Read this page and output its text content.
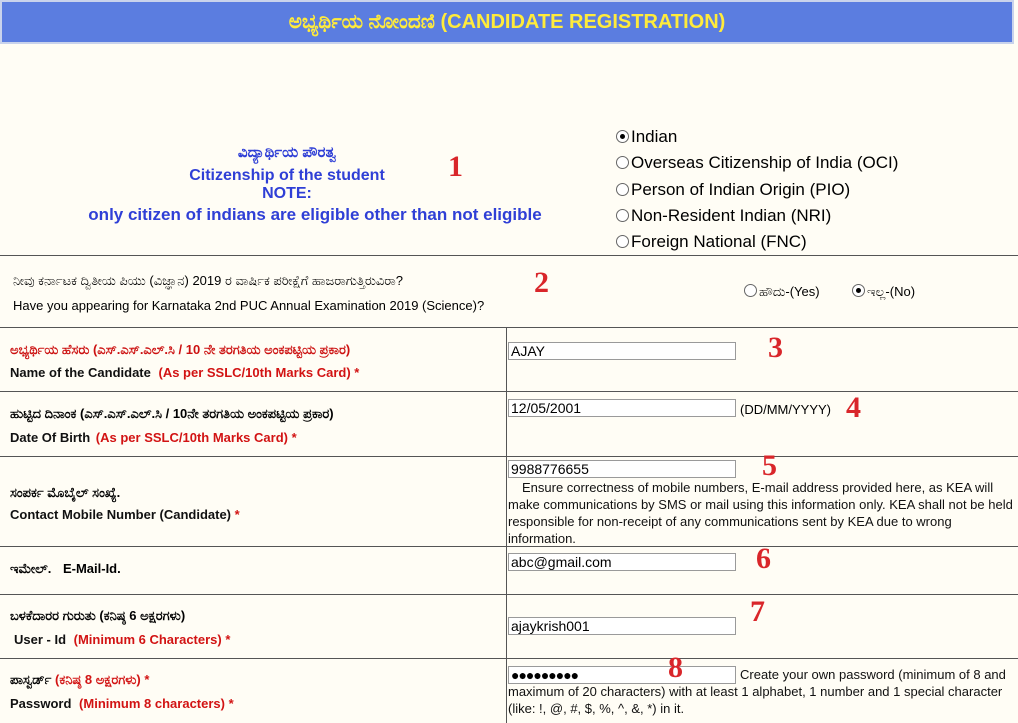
ಅಭ್ಯರ್ಥಿಯ ನೋಂದಣಿ (CANDIDATE REGISTRATION)
ವಿದ್ಯಾರ್ಥಿಯ ಪೌರತ್ವ
Citizenship of the student
NOTE:
only citizen of indians are eligible other than not eligible
1
Indian
Overseas Citizenship of India (OCI)
Person of Indian Origin (PIO)
Non-Resident Indian (NRI)
Foreign National (FNC)
ನೀವು ಕರ್ನಾಟಕ ದ್ವಿತೀಯ ಪಿಯು (ವಿಜ್ಞಾನ) 2019 ರ ವಾರ್ಷಿಕ ಪರೀಕ್ಷೆಗೆ ಹಾಜರಾಗುತ್ತಿರುವಿರಾ?
Have you appearing for Karnataka 2nd PUC Annual Examination 2019 (Science)?
2	ಹೌದು-(Yes)	ಇಲ್ಲ-(No)
ಅಭ್ಯರ್ಥಿಯ ಹೆಸರು (ಎಸ್.ಎಸ್.ಎಲ್.ಸಿ / 10 ನೇ ತರಗತಿಯ ಅಂಕಪಟ್ಟಿಯ ಪ್ರಕಾರ)
Name of the Candidate (As per SSLC/10th Marks Card) *
AJAY
3
ಹುಟ್ಟಿದ ದಿನಾಂಕ (ಎಸ್.ಎಸ್.ಎಲ್.ಸಿ / 10ನೇ ತರಗತಿಯ ಅಂಕಪಟ್ಟಿಯ ಪ್ರಕಾರ)
Date Of Birth (As per SSLC/10th Marks Card) *
12/05/2001
(DD/MM/YYYY) 4
ಸಂಪರ್ಕ ಮೊಬೈಲ್ ಸಂಖ್ಯೆ.
Contact Mobile Number (Candidate) *
9988776655
5
Ensure correctness of mobile numbers, E-mail address provided here, as KEA will make communications by SMS or mail using this information only. KEA shall not be held responsible for non-receipt of any communications sent by KEA due to wrong information.
ಇಮೇಲ್. E-Mail-Id.
abc@gmail.com	6
ಬಳಕೆದಾರರ ಗುರುತು (ಕನಿಷ್ಠ 6 ಅಕ್ಷರಗಳು)
User - Id (Minimum 6 Characters) *
ajaykrish001
7
ಪಾಸ್ವರ್ಡ್ (ಕನಿಷ್ಠ 8 ಅಕ್ಷರಗಳು) *
Password (Minimum 8 characters) *
●●●●●●●●●
8	Create your own password (minimum of 8 and maximum of 20 characters) with at least 1 alphabet, 1 number and 1 special character (like: !, @, #, $, %, ^, &, *) in it.
